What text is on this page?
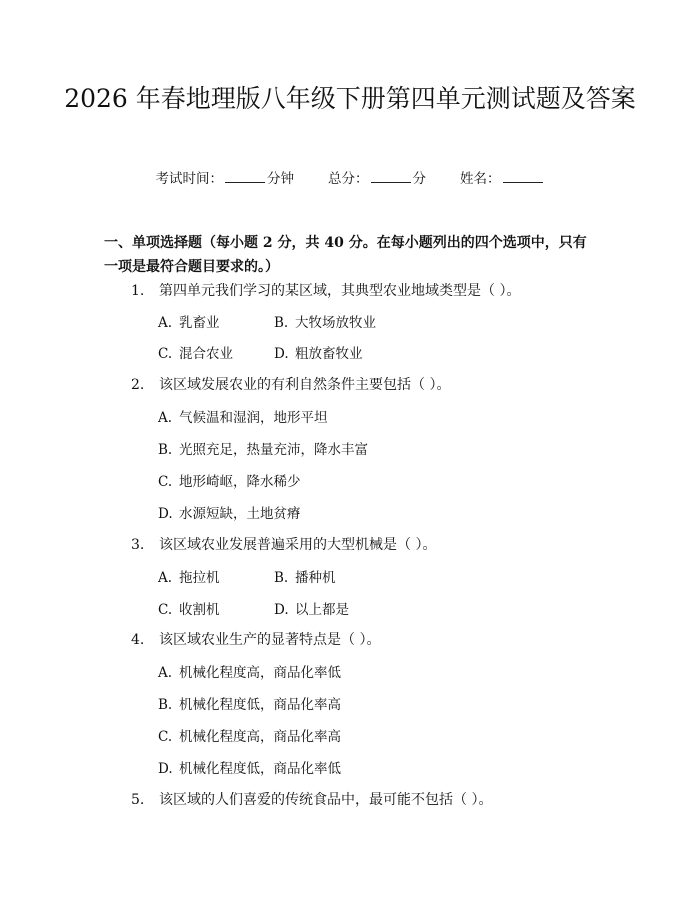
2026 年春地理版八年级下册第四单元测试题及答案
考试时间：	分钟	总分：	分	姓名：
一、单项选择题（每小题 2 分，共 40 分。在每小题列出的四个选项中，只有一项是最符合题目要求的。）
1. 第四单元我们学习的某区域，其典型农业地域类型是（ ）。
A. 乳畜业	B. 大牧场放牧业
C. 混合农业	D. 粗放畜牧业
2. 该区域发展农业的有利自然条件主要包括（ ）。
A. 气候温和湿润，地形平坦
B. 光照充足，热量充沛，降水丰富
C. 地形崎岖，降水稀少
D. 水源短缺，土地贫瘠
3. 该区域农业发展普遍采用的大型机械是（ ）。
A. 拖拉机	B. 播种机
C. 收割机	D. 以上都是
4. 该区域农业生产的显著特点是（ ）。
A. 机械化程度高，商品化率低
B. 机械化程度低，商品化率高
C. 机械化程度高，商品化率高
D. 机械化程度低，商品化率低
5. 该区域的人们喜爱的传统食品中，最可能不包括（ ）。
